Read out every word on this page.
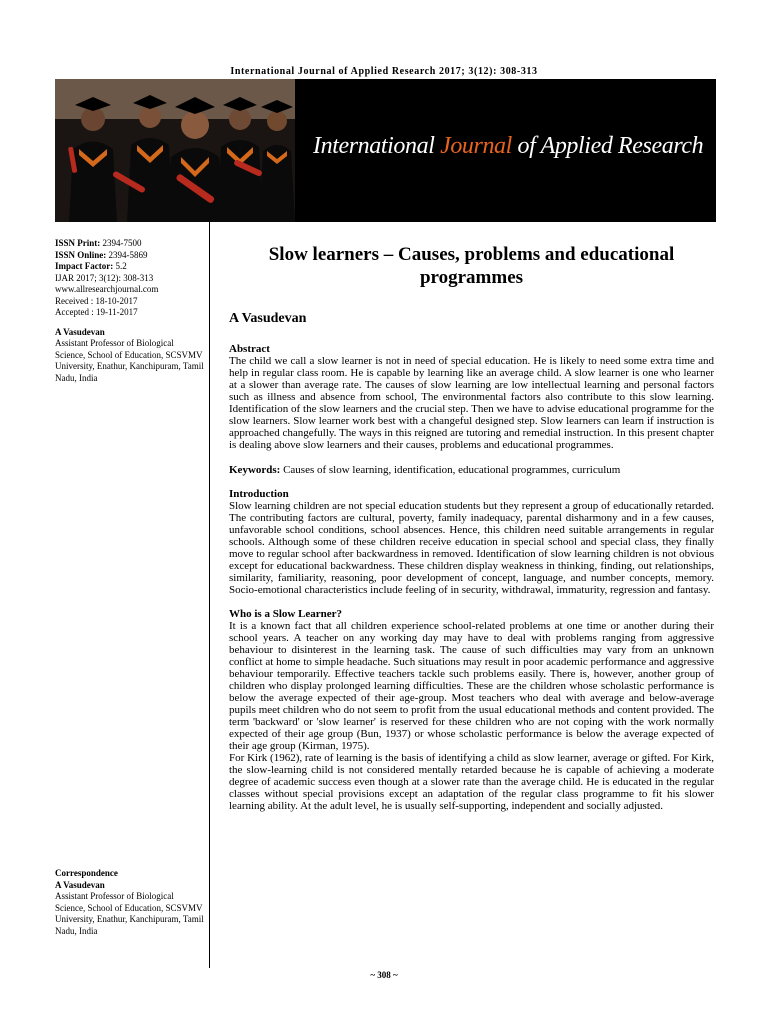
International Journal of Applied Research 2017; 3(12): 308-313
International Journal of Applied Research
ISSN Print: 2394-7500
ISSN Online: 2394-5869
Impact Factor: 5.2
IJAR 2017; 3(12): 308-313
www.allresearchjournal.com
Received : 18-10-2017
Accepted : 19-11-2017
A Vasudevan
Assistant Professor of Biological Science, School of Education, SCSVMV University, Enathur, Kanchipuram, Tamil Nadu, India
Correspondence
A Vasudevan
Assistant Professor of Biological Science, School of Education, SCSVMV University, Enathur, Kanchipuram, Tamil Nadu, India
Slow learners – Causes, problems and educational programmes
A Vasudevan
Abstract

The child we call a slow learner is not in need of special education. He is likely to need some extra time and help in regular class room. He is capable by learning like an average child. A slow learner is one who learner at a slower than average rate. The causes of slow learning are low intellectual learning and personal factors such as illness and absence from school, The environmental factors also contribute to this slow learning. Identification of the slow learners and the crucial step. Then we have to advise educational programme for the slow learners. Slow learner work best with a changeful designed step. Slow learners can learn if instruction is approached changefully. The ways in this reigned are tutoring and remedial instruction. In this present chapter is dealing above slow learners and their causes, problems and educational programmes.

Keywords: Causes of slow learning, identification, educational programmes, curriculum
Introduction

Slow learning children are not special education students but they represent a group of educationally retarded. The contributing factors are cultural, poverty, family inadequacy, parental disharmony and in a few causes, unfavorable school conditions, school absences. Hence, this children need suitable arrangements in regular schools. Although some of these children receive education in special school and special class, they finally move to regular school after backwardness in removed. Identification of slow learning children is not obvious except for educational backwardness. These children display weakness in thinking, finding, out relationships, similarity, familiarity, reasoning, poor development of concept, language, and number concepts, memory. Socio-emotional characteristics include feeling of in security, withdrawal, immaturity, regression and fantasy.

Who is a Slow Learner?

It is a known fact that all children experience school-related problems at one time or another during their school years. A teacher on any working day may have to deal with problems ranging from aggressive behaviour to disinterest in the learning task. The cause of such difficulties may vary from an unknown conflict at home to simple headache. Such situations may result in poor academic performance and aggressive behaviour temporarily. Effective teachers tackle such problems easily. There is, however, another group of children who display prolonged learning difficulties. These are the children whose scholastic performance is below the average expected of their age-group. Most teachers who deal with average and below-average pupils meet children who do not seem to profit from the usual educational methods and content provided. The term 'backward' or 'slow learner' is reserved for these children who are not coping with the work normally expected of their age group (Bun, 1937) or whose scholastic performance is below the average expected of their age group (Kirman, 1975).

For Kirk (1962), rate of learning is the basis of identifying a child as slow learner, average or gifted. For Kirk, the slow-learning child is not considered mentally retarded because he is capable of achieving a moderate degree of academic success even though at a slower rate than the average child. He is educated in the regular classes without special provisions except an adaptation of the regular class programme to fit his slower learning ability. At the adult level, he is usually self-supporting, independent and socially adjusted.

~ 308 ~
